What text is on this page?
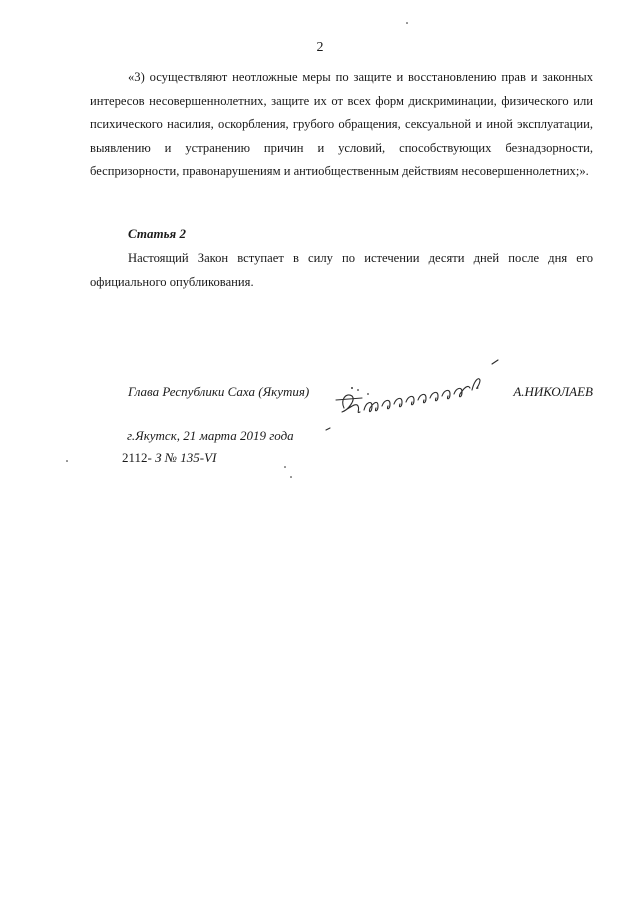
2

«3) осуществляют неотложные меры по защите и восстановлению прав и законных интересов несовершеннолетних, защите их от всех форм дискриминации, физического или психического насилия, оскорбления, грубого обращения, сексуальной и иной эксплуатации, выявлению и устранению причин и условий, способствующих безнадзорности, беспризорности, правонарушениям и антиобщественным действиям несовершеннолетних;».

Статья 2

Настоящий Закон вступает в силу по истечении десяти дней после дня его официального опубликования.

Глава Республики Саха (Якутия)	А.НИКОЛАЕВ
г.Якутск, 21 марта 2019 года
2112- З № 135-VI
